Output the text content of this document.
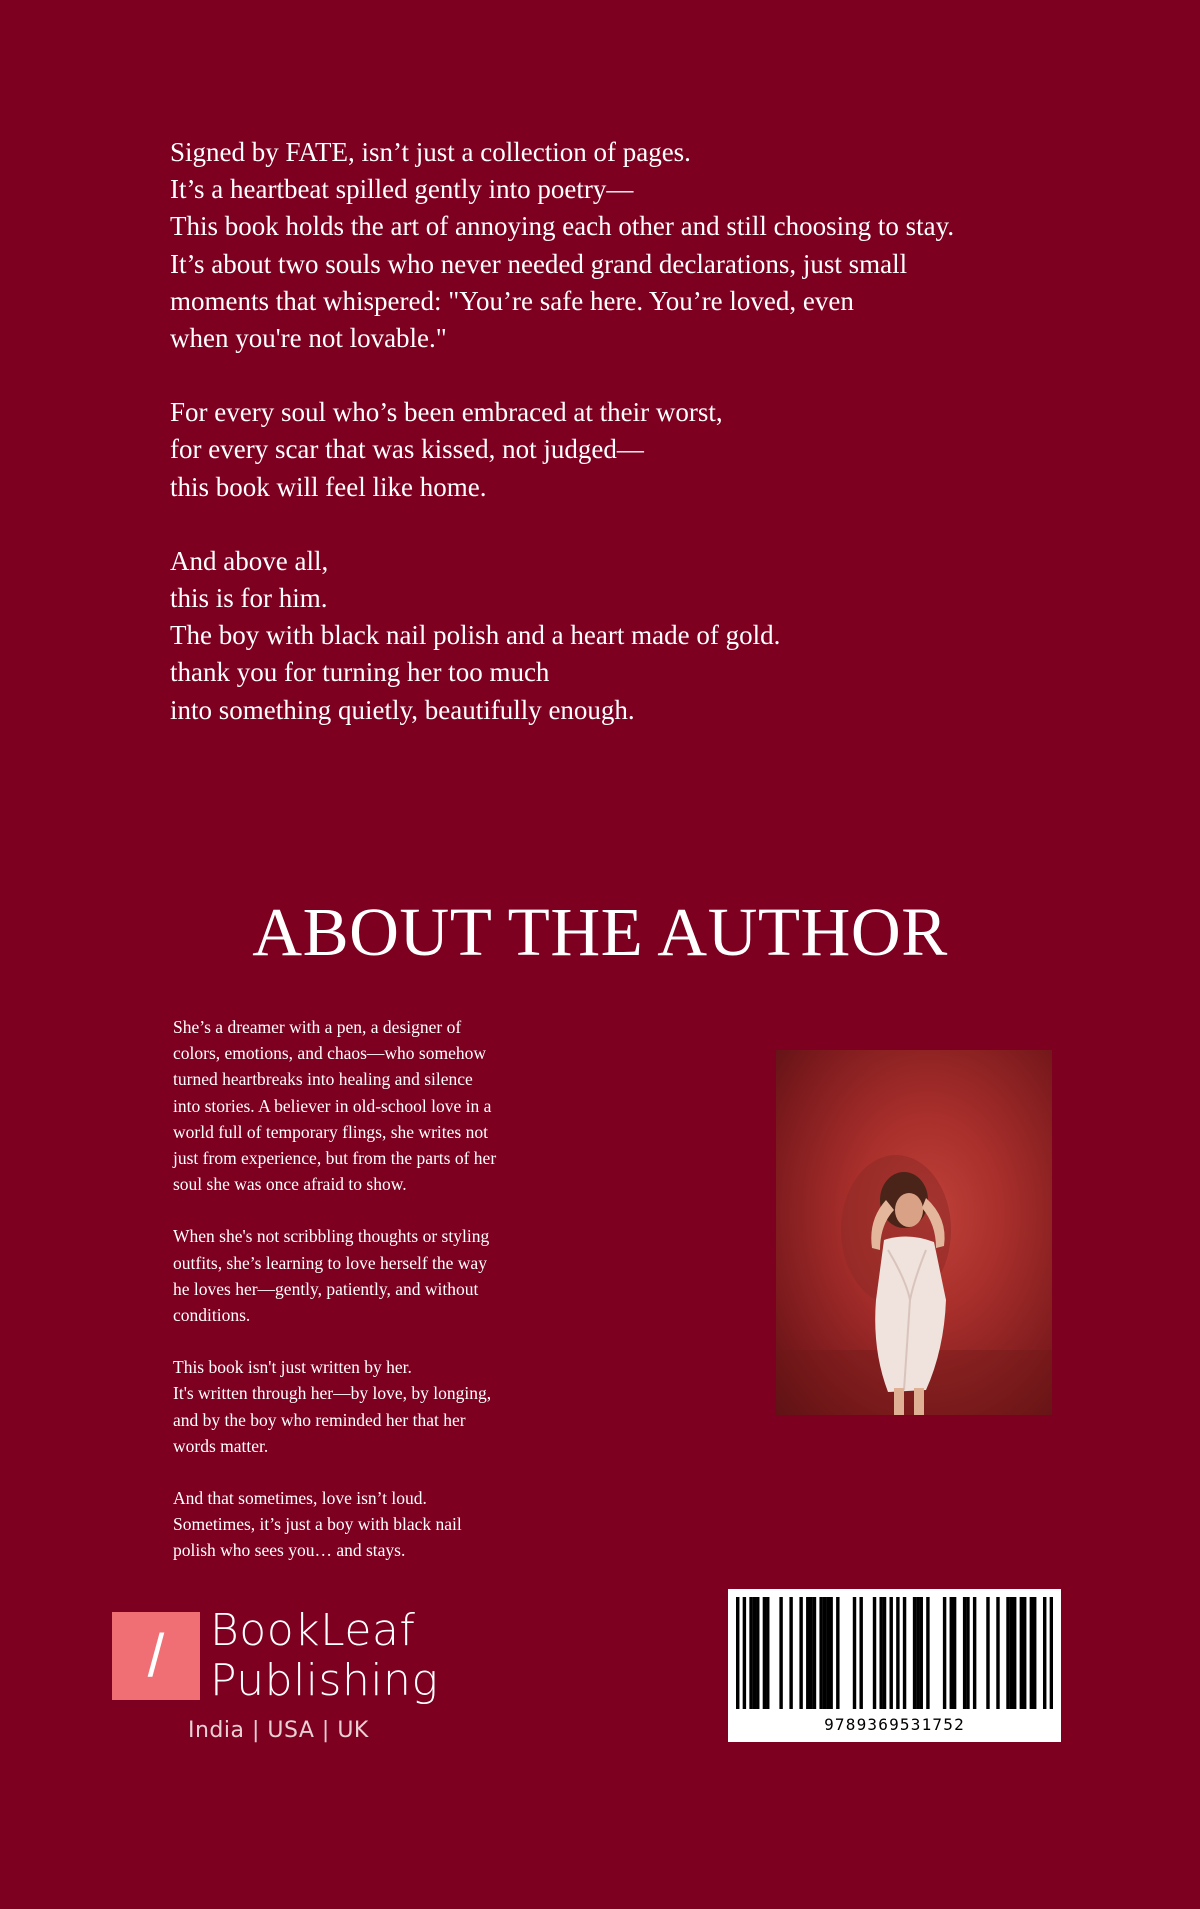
Signed by FATE, isn’t just a collection of pages.
It’s a heartbeat spilled gently into poetry—
This book holds the art of annoying each other and still choosing to stay.
It’s about two souls who never needed grand declarations, just small
moments that whispered: "You’re safe here. You’re loved, even
when you're not lovable."

For every soul who’s been embraced at their worst,
for every scar that was kissed, not judged—
this book will feel like home.

And above all,
this is for him.
The boy with black nail polish and a heart made of gold.
thank you for turning her too much
into something quietly, beautifully enough.

ABOUT THE AUTHOR

She’s a dreamer with a pen, a designer of
colors, emotions, and chaos—who somehow
turned heartbreaks into healing and silence
into stories. A believer in old-school love in a
world full of temporary flings, she writes not
just from experience, but from the parts of her
soul she was once afraid to show.

When she's not scribbling thoughts or styling
outfits, she’s learning to love herself the way
he loves her—gently, patiently, and without
conditions.

This book isn't just written by her.
It's written through her—by love, by longing,
and by the boy who reminded her that her
words matter.

And that sometimes, love isn’t loud.
Sometimes, it’s just a boy with black nail
polish who sees you… and stays.

/	BookLeaf
Publishing
India | USA | UK	9789369531752
